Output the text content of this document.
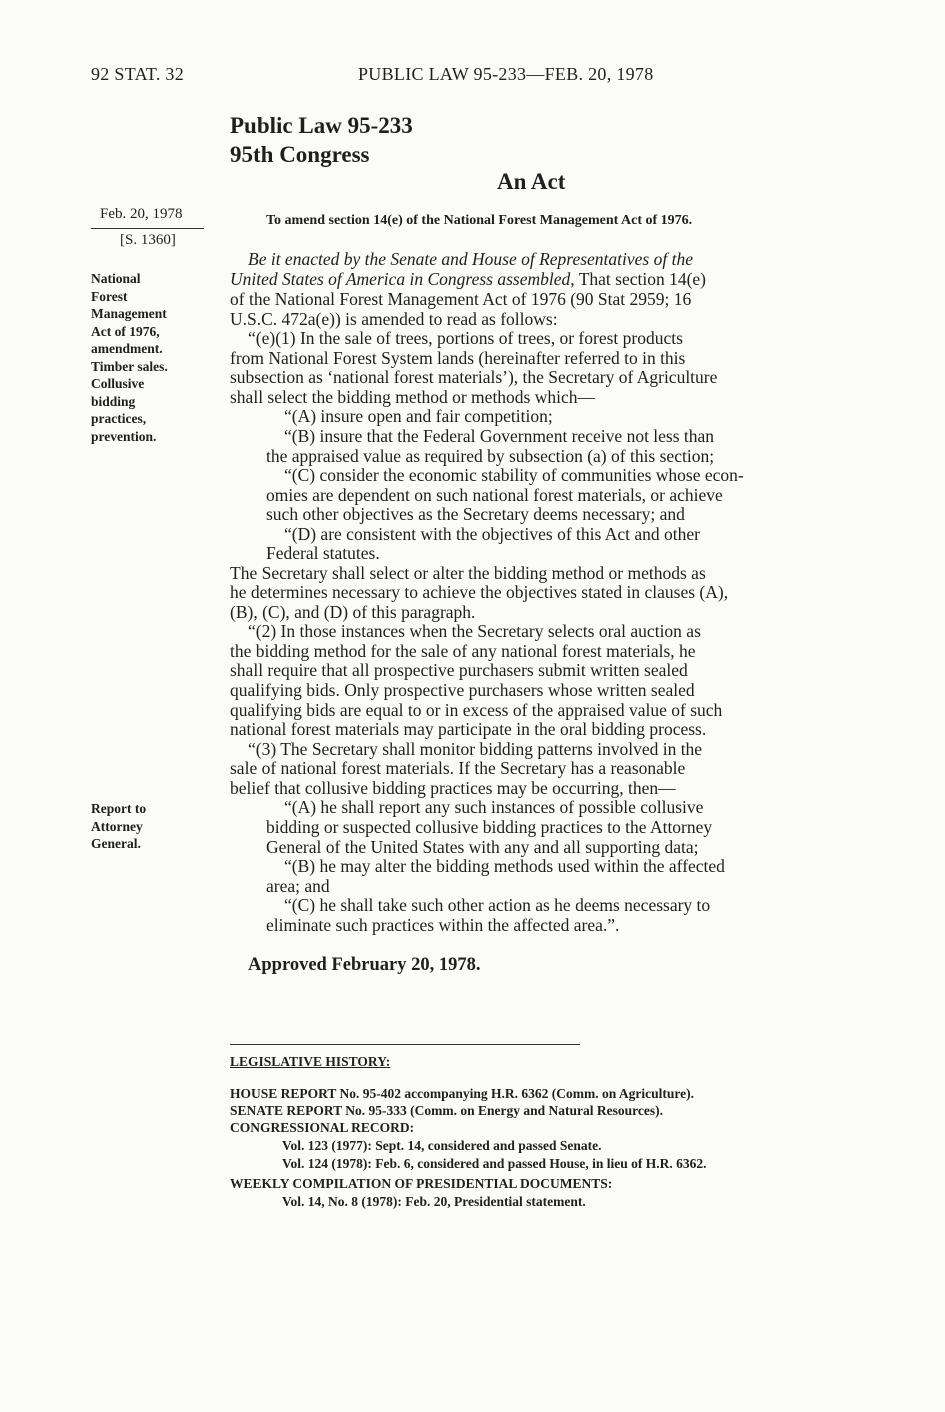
92 STAT. 32	PUBLIC LAW 95-233—FEB. 20, 1978
Public Law 95-233
95th Congress
An Act
Feb. 20, 1978
[S. 1360]
To amend section 14(e) of the National Forest Management Act of 1976.
National
Forest
Management
Act of 1976,
amendment.
Timber sales.
Collusive
bidding
practices,
prevention.
Report to
Attorney
General.
Be it enacted by the Senate and House of Representatives of the
United States of America in Congress assembled, That section 14(e)
of the National Forest Management Act of 1976 (90 Stat 2959; 16
U.S.C. 472a(e)) is amended to read as follows:
“(e)(1) In the sale of trees, portions of trees, or forest products
from National Forest System lands (hereinafter referred to in this
subsection as ‘national forest materials’), the Secretary of Agriculture
shall select the bidding method or methods which—
“(A) insure open and fair competition;
“(B) insure that the Federal Government receive not less than
the appraised value as required by subsection (a) of this section;
“(C) consider the economic stability of communities whose econ-
omies are dependent on such national forest materials, or achieve
such other objectives as the Secretary deems necessary; and
“(D) are consistent with the objectives of this Act and other
Federal statutes.
The Secretary shall select or alter the bidding method or methods as
he determines necessary to achieve the objectives stated in clauses (A),
(B), (C), and (D) of this paragraph.
“(2) In those instances when the Secretary selects oral auction as
the bidding method for the sale of any national forest materials, he
shall require that all prospective purchasers submit written sealed
qualifying bids. Only prospective purchasers whose written sealed
qualifying bids are equal to or in excess of the appraised value of such
national forest materials may participate in the oral bidding process.
“(3) The Secretary shall monitor bidding patterns involved in the
sale of national forest materials. If the Secretary has a reasonable
belief that collusive bidding practices may be occurring, then—
“(A) he shall report any such instances of possible collusive
bidding or suspected collusive bidding practices to the Attorney
General of the United States with any and all supporting data;
“(B) he may alter the bidding methods used within the affected
area; and
“(C) he shall take such other action as he deems necessary to
eliminate such practices within the affected area.”.
Approved February 20, 1978.
LEGISLATIVE HISTORY:
HOUSE REPORT No. 95-402 accompanying H.R. 6362 (Comm. on Agriculture).
SENATE REPORT No. 95-333 (Comm. on Energy and Natural Resources).
CONGRESSIONAL RECORD:
Vol. 123 (1977): Sept. 14, considered and passed Senate.
Vol. 124 (1978): Feb. 6, considered and passed House, in lieu of H.R. 6362.
WEEKLY COMPILATION OF PRESIDENTIAL DOCUMENTS:
Vol. 14, No. 8 (1978): Feb. 20, Presidential statement.
